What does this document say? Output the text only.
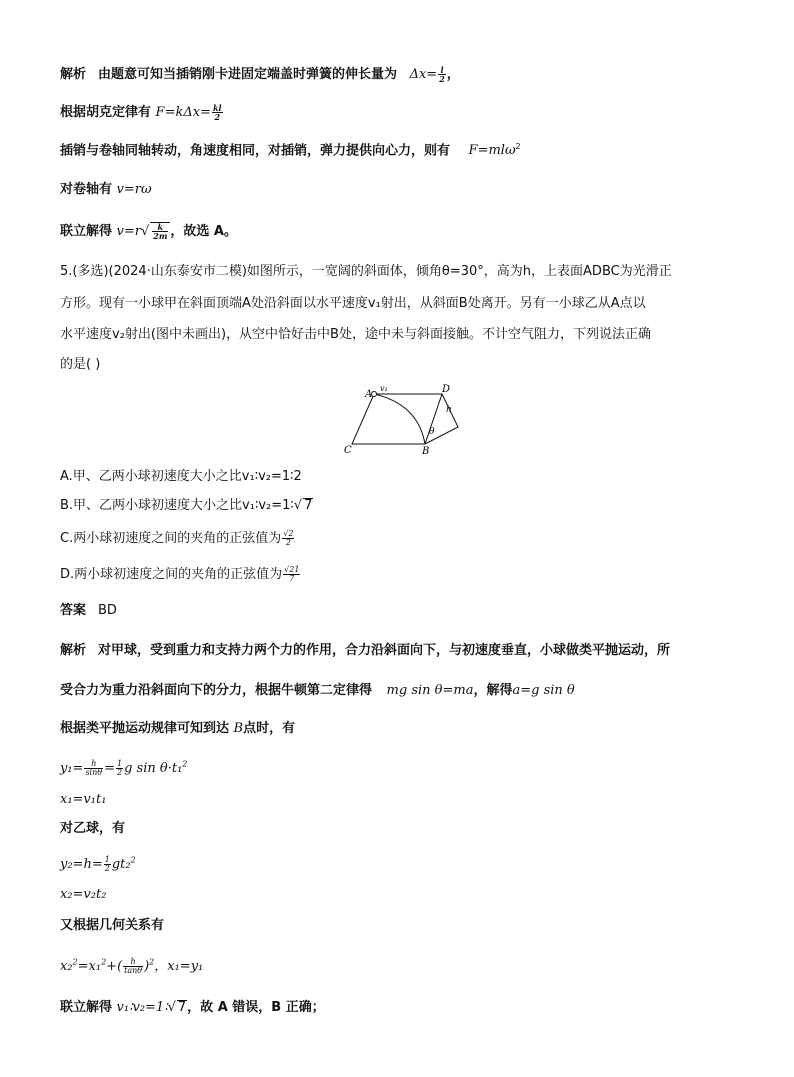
解析 由题意可知当插销刚卡进固定端盖时弹簧的伸长量为 $\Delta x= \frac{l}{2}$ ，
根据胡克定律有 $F=k\Delta x= \frac{kl}{2}$
插销与卷轴同轴转动，角速度相同，对插销，弹力提供向心力，则有 F=mlω$^2$
对卷轴有 v=rω
联立解得 $v=r√ \frac{k}{2m}$ ，故选 A。
5.(多选)(2024·山东泰安市二模)如图所示，一宽阔的斜面体，倾角θ=30°，高为h，上表面ADBC为光滑正
方形。现有一小球甲在斜面顶端A处沿斜面以水平速度v₁射出，从斜面B处离开。另有一小球乙从A点以
水平速度v₂射出(图中未画出)，从空中恰好击中B处，途中未与斜面接触。不计空气阻力，下列说法正确
的是( )
A	D
C	B
h
θ
v₁
A.甲、乙两小球初速度大小之比v₁∶v₂=1∶2
B.甲、乙两小球初速度大小之比v₁∶v₂=1∶√ 7
C.两小球初速度之间的夹角的正弦值为 $\frac{√2}{2}$
D.两小球初速度之间的夹角的正弦值为 $\frac{√21}{7}$
答案 BD
解析 对甲球，受到重力和支持力两个力的作用，合力沿斜面向下，与初速度垂直，小球做类平抛运动，所
受合力为重力沿斜面向下的分力，根据牛顿第二定律得 mg sin θ=ma，解得a=g sin θ
根据类平抛运动规律可知到达 B点时，有
$y_1= \frac{h}{\sin\theta} = \frac{1}{2}$ g sin θ·t₁$^2$
x₁=v₁t₁
对乙球，有
$y_2=h= \frac{1}{2} gt_2^2$
x₂=v₂t₂
又根据几何关系有
$x_2^2=x_1^2+( \frac{h}{\tan\theta} )^2$，x₁=y₁
联立解得 v₁∶v₂=1∶√ 7，故 A 错误，B 正确；
